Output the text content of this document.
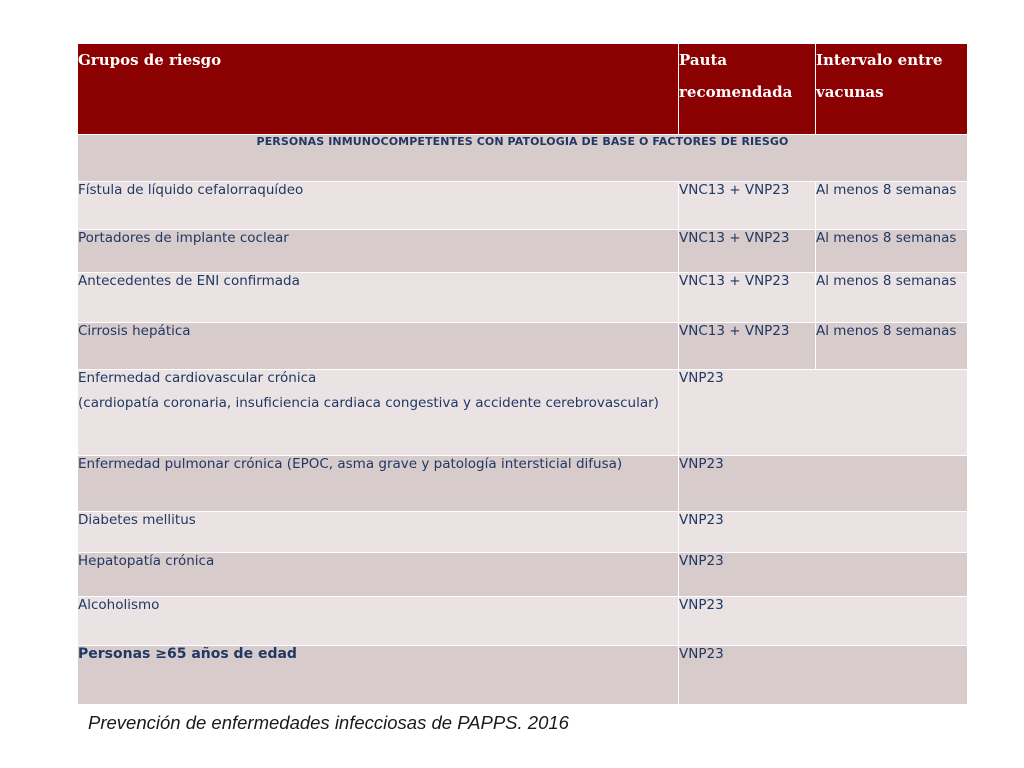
Grupos de riesgo	Pauta recomendada	Intervalo entre vacunas
PERSONAS INMUNOCOMPETENTES CON PATOLOGIA DE BASE O FACTORES DE RIESGO		
Fístula de líquido cefalorraquídeo	VNC13 + VNP23	Al menos 8 semanas
Portadores de implante coclear	VNC13 + VNP23	Al menos 8 semanas
Antecedentes de ENI confirmada	VNC13 + VNP23	Al menos 8 semanas
Cirrosis hepática	VNC13 + VNP23	Al menos 8 semanas
Enfermedad cardiovascular crónica
(cardiopatía coronaria, insuficiencia cardiaca congestiva y accidente cerebrovascular)	VNP23	
Enfermedad pulmonar crónica (EPOC, asma grave y patología intersticial difusa)	VNP23	
Diabetes mellitus	VNP23	
Hepatopatía crónica	VNP23	
Alcoholismo	VNP23	
Personas ≥65 años de edad	VNP23	
Prevención de enfermedades infecciosas de PAPPS. 2016
